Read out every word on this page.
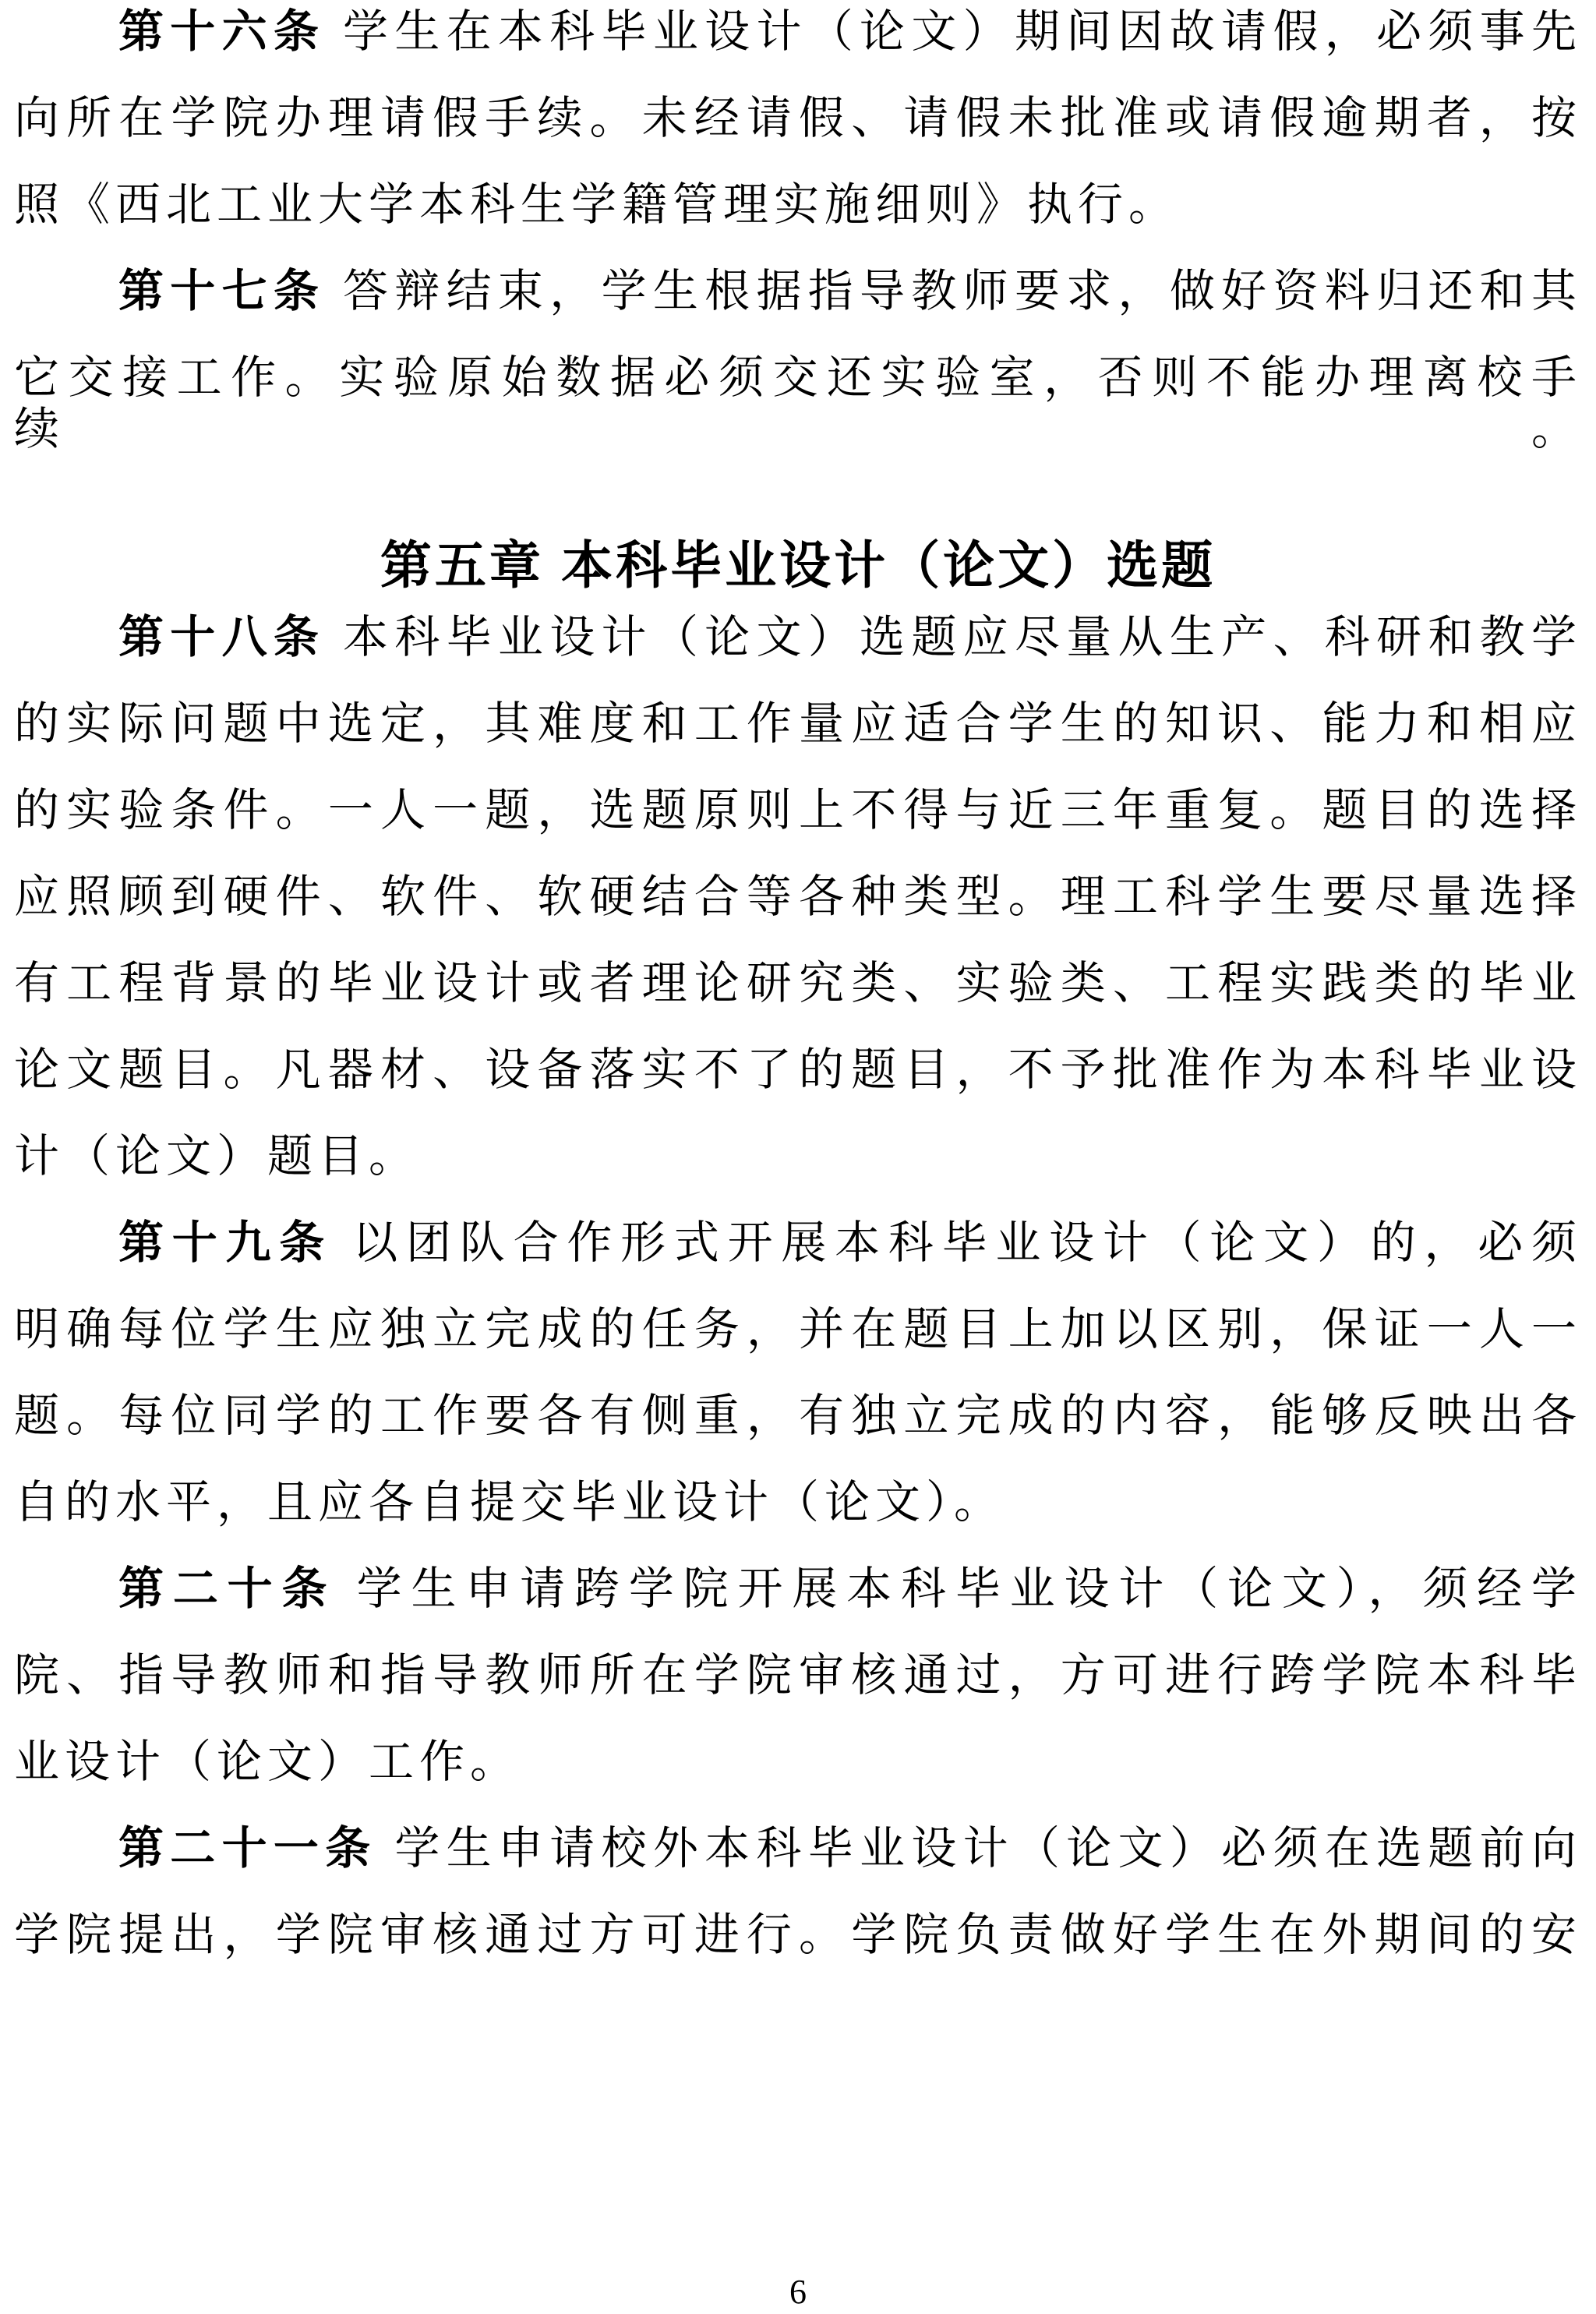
第十六条 学生在本科毕业设计（论文）期间因故请假，必须事先
向所在学院办理请假手续。未经请假、请假未批准或请假逾期者，按
照《西北工业大学本科生学籍管理实施细则》执行。
第十七条 答辩结束，学生根据指导教师要求，做好资料归还和其
它交接工作。实验原始数据必须交还实验室，否则不能办理离校手续。
第五章 本科毕业设计（论文）选题
第十八条 本科毕业设计（论文）选题应尽量从生产、科研和教学
的实际问题中选定，其难度和工作量应适合学生的知识、能力和相应
的实验条件。一人一题，选题原则上不得与近三年重复。题目的选择
应照顾到硬件、软件、软硬结合等各种类型。理工科学生要尽量选择
有工程背景的毕业设计或者理论研究类、实验类、工程实践类的毕业
论文题目。凡器材、设备落实不了的题目，不予批准作为本科毕业设
计（论文）题目。
第十九条 以团队合作形式开展本科毕业设计（论文）的，必须
明确每位学生应独立完成的任务，并在题目上加以区别，保证一人一
题。每位同学的工作要各有侧重，有独立完成的内容，能够反映出各
自的水平，且应各自提交毕业设计（论文）。
第二十条 学生申请跨学院开展本科毕业设计（论文），须经学
院、指导教师和指导教师所在学院审核通过，方可进行跨学院本科毕
业设计（论文）工作。
第二十一条 学生申请校外本科毕业设计（论文）必须在选题前向
学院提出，学院审核通过方可进行。学院负责做好学生在外期间的安
6
